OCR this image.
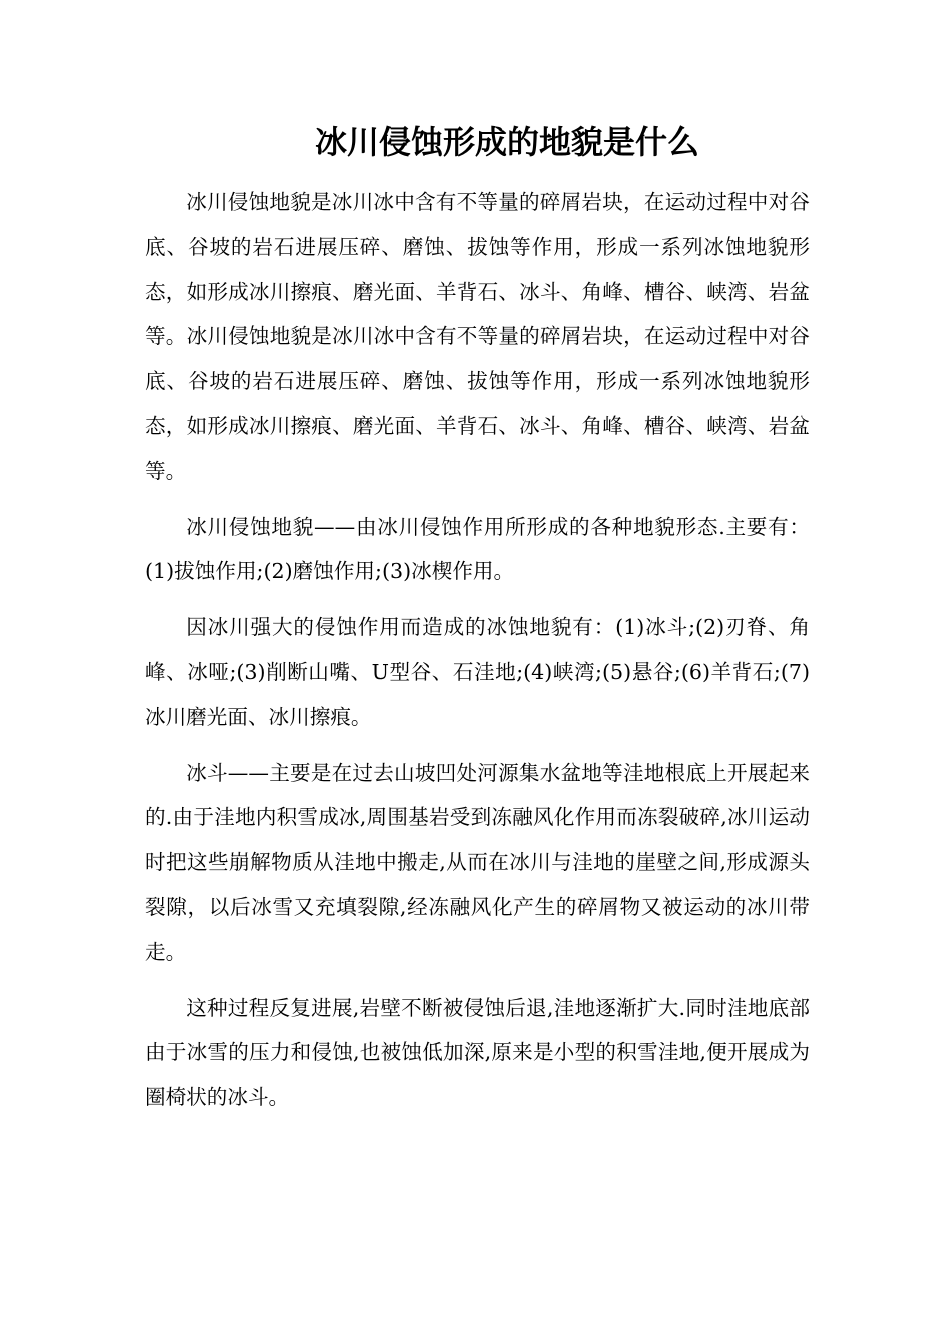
冰川侵蚀形成的地貌是什么

冰川侵蚀地貌是冰川冰中含有不等量的碎屑岩块，在运动过程中对谷底、谷坡的岩石进展压碎、磨蚀、拔蚀等作用，形成一系列冰蚀地貌形态，如形成冰川擦痕、磨光面、羊背石、冰斗、角峰、槽谷、峡湾、岩盆等。冰川侵蚀地貌是冰川冰中含有不等量的碎屑岩块，在运动过程中对谷底、谷坡的岩石进展压碎、磨蚀、拔蚀等作用，形成一系列冰蚀地貌形态，如形成冰川擦痕、磨光面、羊背石、冰斗、角峰、槽谷、峡湾、岩盆等。

冰川侵蚀地貌——由冰川侵蚀作用所形成的各种地貌形态.主要有：(1)拔蚀作用;(2)磨蚀作用;(3)冰楔作用。

因冰川强大的侵蚀作用而造成的冰蚀地貌有：(1)冰斗;(2)刃脊、角峰、冰哑;(3)削断山嘴、U型谷、石洼地;(4)峡湾;(5)悬谷;(6)羊背石;(7)冰川磨光面、冰川擦痕。

冰斗——主要是在过去山坡凹处河源集水盆地等洼地根底上开展起来的.由于洼地内积雪成冰,周围基岩受到冻融风化作用而冻裂破碎,冰川运动时把这些崩解物质从洼地中搬走,从而在冰川与洼地的崖壁之间,形成源头裂隙，以后冰雪又充填裂隙,经冻融风化产生的碎屑物又被运动的冰川带走。

这种过程反复进展,岩壁不断被侵蚀后退,洼地逐渐扩大.同时洼地底部由于冰雪的压力和侵蚀,也被蚀低加深,原来是小型的积雪洼地,便开展成为圈椅状的冰斗。
